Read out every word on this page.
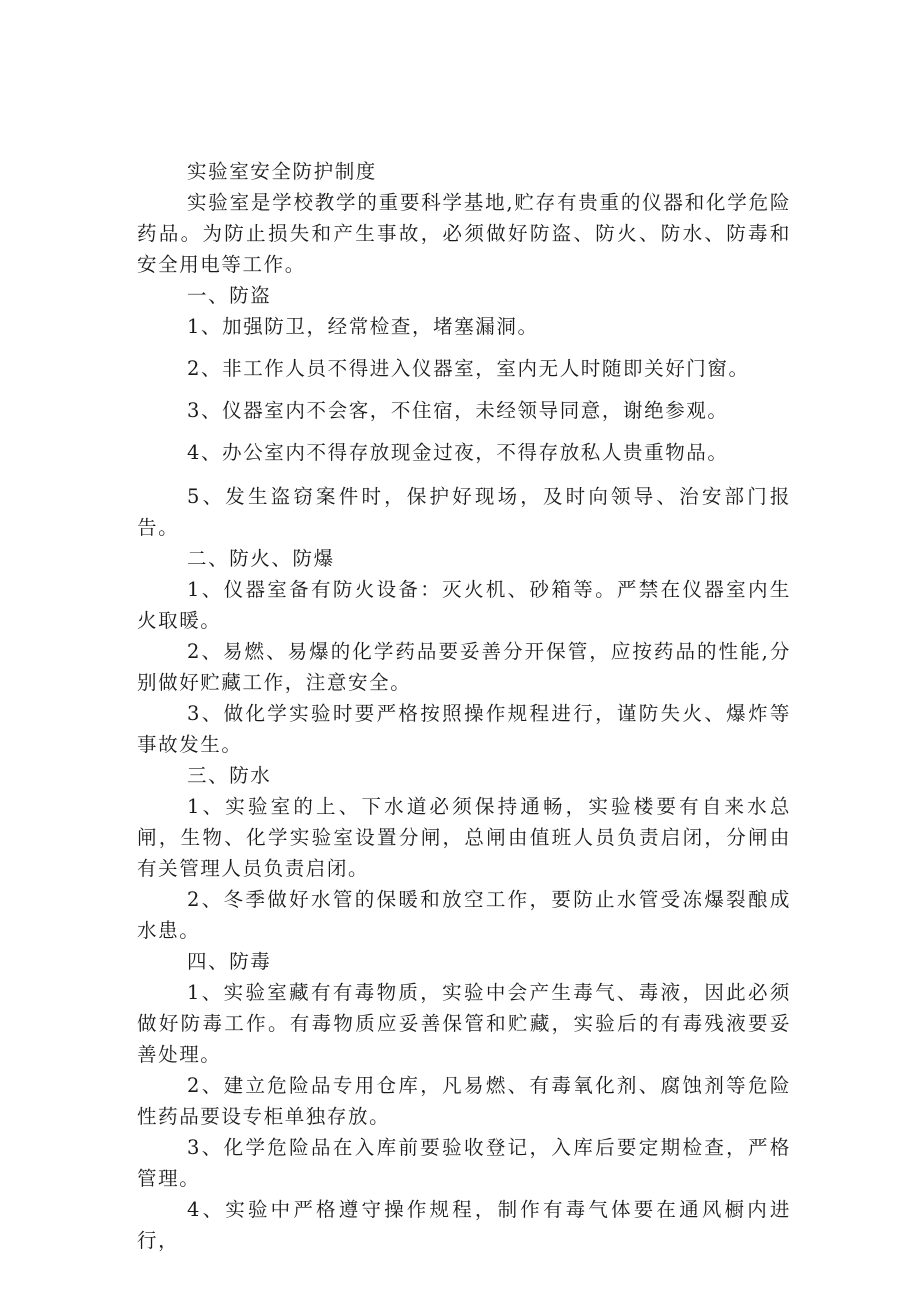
实验室安全防护制度

实验室是学校教学的重要科学基地,贮存有贵重的仪器和化学危险药品。为防止损失和产生事故，必须做好防盗、防火、防水、防毒和安全用电等工作。

一、防盗

1、加强防卫，经常检查，堵塞漏洞。

2、非工作人员不得进入仪器室，室内无人时随即关好门窗。

3、仪器室内不会客，不住宿，未经领导同意，谢绝参观。

4、办公室内不得存放现金过夜，不得存放私人贵重物品。

5、发生盗窃案件时，保护好现场，及时向领导、治安部门报告。

二、防火、防爆

1、仪器室备有防火设备：灭火机、砂箱等。严禁在仪器室内生火取暖。

2、易燃、易爆的化学药品要妥善分开保管，应按药品的性能,分别做好贮藏工作，注意安全。

3、做化学实验时要严格按照操作规程进行，谨防失火、爆炸等事故发生。

三、防水

1、实验室的上、下水道必须保持通畅，实验楼要有自来水总闸，生物、化学实验室设置分闸，总闸由值班人员负责启闭，分闸由有关管理人员负责启闭。

2、冬季做好水管的保暖和放空工作，要防止水管受冻爆裂酿成水患。

四、防毒

1、实验室藏有有毒物质，实验中会产生毒气、毒液，因此必须做好防毒工作。有毒物质应妥善保管和贮藏，实验后的有毒残液要妥善处理。

2、建立危险品专用仓库，凡易燃、有毒氧化剂、腐蚀剂等危险性药品要设专柜单独存放。

3、化学危险品在入库前要验收登记，入库后要定期检查，严格管理。

4、实验中严格遵守操作规程，制作有毒气体要在通风橱内进行，
